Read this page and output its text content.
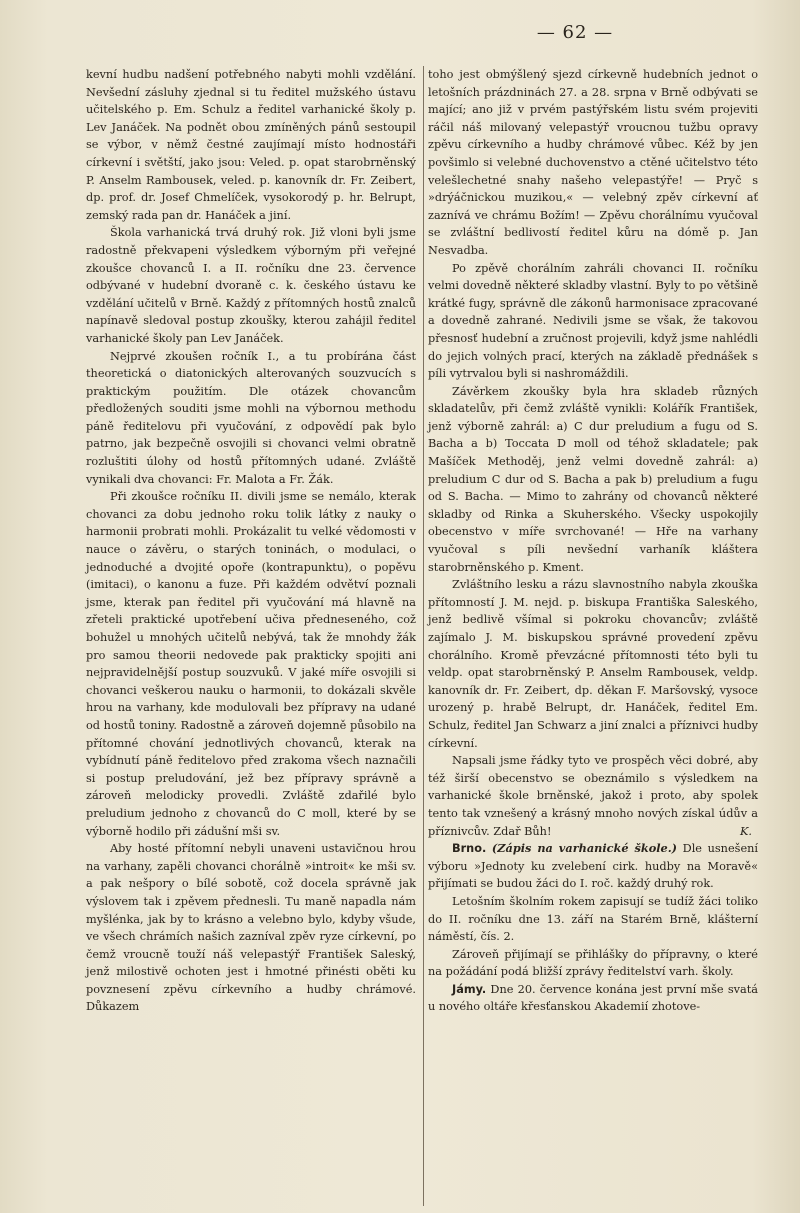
— 62 —

kevní hudbu nadšení potřebného nabyti mohli vzdělání. Nevšední zásluhy zjednal si tu ředitel mužského ústavu učitelského p. Em. Schulz a ředitel varhanické školy p. Lev Janáček. Na podnět obou zmíněných pánů sestoupil se výbor, v němž čestné zaujímají místo hodnostáři církevní i světští, jako jsou: Veled. p. opat starobrněnský P. Anselm Rambousek, veled. p. kanovník dr. Fr. Zeibert, dp. prof. dr. Josef Chmelíček, vysokorodý p. hr. Belrupt, zemský rada pan dr. Hanáček a jiní.

Škola varhanická trvá druhý rok. Již vloni byli jsme radostně překvapeni výsledkem výborným při veřejné zkoušce chovanců I. a II. ročníku dne 23. července odbývané v hudební dvoraně c. k. českého ústavu ke vzdělání učitelů v Brně. Každý z přítomných hostů znalců napínavě sledoval postup zkoušky, kterou zahájil ředitel varhanické školy pan Lev Janáček.

Nejprvé zkoušen ročník I., a tu probírána část theoretická o diatonických alterovaných souzvucích s praktickým použitím. Dle otázek chovancům předložených souditi jsme mohli na výbornou methodu páně ředitelovu při vyučování, z odpovědí pak bylo patrno, jak bezpečně osvojili si chovanci velmi obratně rozluštiti úlohy od hostů přítomných udané. Zvláště vynikali dva chovanci: Fr. Malota a Fr. Žák.

Při zkoušce ročníku II. divili jsme se nemálo, kterak chovanci za dobu jednoho roku tolik látky z nauky o harmonii probrati mohli. Prokázalit tu velké vědomosti v nauce o závěru, o starých toninách, o modulaci, o jednoduché a dvojité opoře (kontrapunktu), o popěvu (imitaci), o kanonu a fuze. Při každém odvětví poznali jsme, kterak pan ředitel při vyučování má hlavně na zřeteli praktické upotřebení učiva předneseného, což bohužel u mnohých učitelů nebývá, tak že mnohdy žák pro samou theorii nedovede pak prakticky spojiti ani nejpravidelnější postup souzvuků. V jaké míře osvojili si chovanci veškerou nauku o harmonii, to dokázali skvěle hrou na varhany, kde modulovali bez přípravy na udané od hostů toniny. Radostně a zároveň dojemně působilo na přítomné chování jednotlivých chovanců, kterak na vybídnutí páně ředitelovo před zrakoma všech naznačili si postup preludování, jež bez přípravy správně a zároveň melodicky provedli. Zvláště zdařilé bylo preludium jednoho z chovanců do C moll, které by se výborně hodilo při zádušní mši sv.

Aby hosté přítomní nebyli unaveni ustavičnou hrou na varhany, zapěli chovanci chorálně »introit« ke mši sv. a pak nešpory o bílé sobotě, což docela správně jak výslovem tak i zpěvem přednesli. Tu maně napadla nám myšlénka, jak by to krásno a velebno bylo, kdyby všude, ve všech chrámích našich zazníval zpěv ryze církevní, po čemž vroucně touží náš velepastýř František Saleský, jenž milostivě ochoten jest i hmotné přinésti oběti ku povznesení zpěvu církevního a hudby chrámové. Důkazem

toho jest obmýšlený sjezd církevně hudebních jednot o letošních prázdninách 27. a 28. srpna v Brně odbývati se mající; ano již v prvém pastýřském listu svém projeviti ráčil náš milovaný velepastýř vroucnou tužbu opravy zpěvu církevního a hudby chrámové vůbec. Kéž by jen povšimlo si velebné duchovenstvo a ctěné učitelstvo této velešlechetné snahy našeho velepastýře! — Pryč s »drýáčnickou muzikou,« — velebný zpěv církevní ať zaznívá ve chrámu Božím! — Zpěvu chorálnímu vyučoval se zvláštní bedlivostí ředitel kůru na dómě p. Jan Nesvadba.

Po zpěvě chorálním zahráli chovanci II. ročníku velmi dovedně některé skladby vlastní. Byly to po většině krátké fugy, správně dle zákonů harmonisace zpracované a dovedně zahrané. Nedivili jsme se však, že takovou přesnosť hudební a zručnost projevili, když jsme nahlédli do jejich volných prací, kterých na základě přednášek s píli vytrvalou byli si nashromáždili.

Závěrkem zkoušky byla hra skladeb různých skladatelův, při čemž zvláště vynikli: Kolářík František, jenž výborně zahrál: a) C dur preludium a fugu od S. Bacha a b) Toccata D moll od téhož skladatele; pak Mašíček Methoděj, jenž velmi dovedně zahrál: a) preludium C dur od S. Bacha a pak b) preludium a fugu od S. Bacha. — Mimo to zahrány od chovanců některé skladby od Rinka a Skuherského. Všecky uspokojily obecenstvo v míře svrchované! — Hře na varhany vyučoval s píli nevšední varhaník kláštera starobrněnského p. Kment.

Zvláštního lesku a rázu slavnostního nabyla zkouška přítomností J. M. nejd. p. biskupa Františka Saleského, jenž bedlivě všímal si pokroku chovancův; zvláště zajímalo J. M. biskupskou správné provedení zpěvu chorálního. Kromě převzácné přítomnosti této byli tu veldp. opat starobrněnský P. Anselm Rambousek, veldp. kanovník dr. Fr. Zeibert, dp. děkan F. Maršovský, vysoce urozený p. hrabě Belrupt, dr. Hanáček, ředitel Em. Schulz, ředitel Jan Schwarz a jiní znalci a příznivci hudby církevní.

Napsali jsme řádky tyto ve prospěch věci dobré, aby též širší obecenstvo se obeznámilo s výsledkem na varhanické škole brněnské, jakož i proto, aby spolek tento tak vznešený a krásný mnoho nových získal údův a příznivcův. Zdař Bůh!	K.

Brno. (Zápis na varhanické škole.) Dle usnešení výboru »Jednoty ku zvelebení cirk. hudby na Moravě« přijímati se budou žáci do I. roč. každý druhý rok.

Letošním školním rokem zapisují se tudíž žáci toliko do II. ročníku dne 13. září na Starém Brně, klášterní náměstí, čís. 2.

Zároveň přijímají se přihlášky do přípravny, o které na požádání podá bližší zprávy ředitelství varh. školy.

Jámy. Dne 20. července konána jest první mše svatá u nového oltáře křesťanskou Akademií zhotove-
